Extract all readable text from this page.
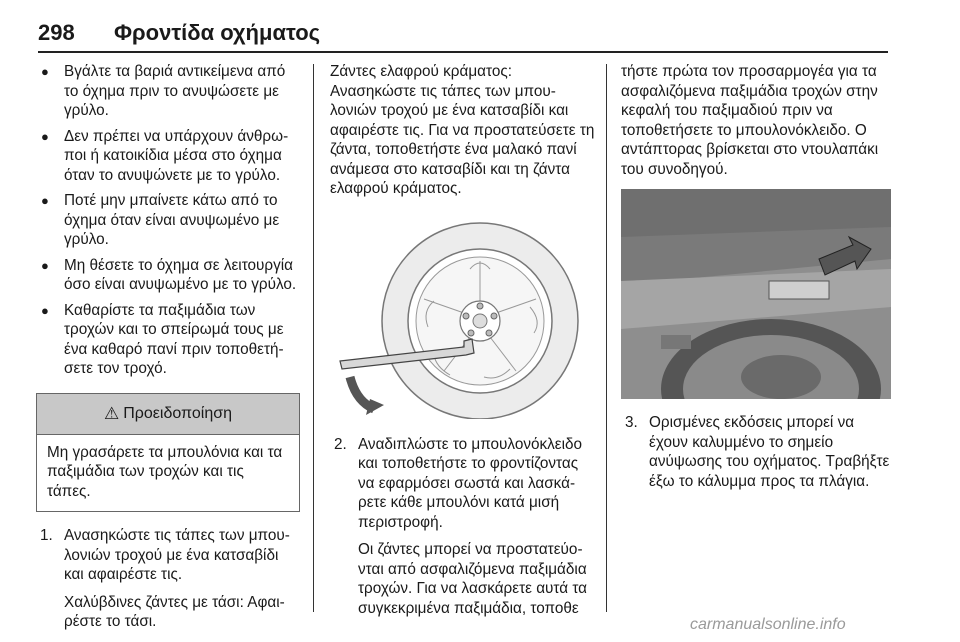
298 Φροντίδα οχήματος
● Βγάλτε τα βαριά αντικείμενα από το όχημα πριν το ανυψώσετε με γρύλο.
● Δεν πρέπει να υπάρχουν άνθρωποι ή κατοικίδια μέσα στο όχημα όταν το ανυψώνετε με το γρύλο.
● Ποτέ μην μπαίνετε κάτω από το όχημα όταν είναι ανυψωμένο με γρύλο.
● Μη θέσετε το όχημα σε λειτουργία όσο είναι ανυψωμένο με το γρύλο.
● Καθαρίστε τα παξιμάδια των τροχών και το σπείρωμά τους με ένα καθαρό πανί πριν τοποθετήσετε τον τροχό.
⚠ Προειδοποίηση
Μη γρασάρετε τα μπουλόνια και τα παξιμάδια των τροχών και τις τάπες.
1. Ανασηκώστε τις τάπες των μπουλονιών τροχού με ένα κατσαβίδι και αφαιρέστε τις.

Χαλύβδινες ζάντες με τάσι: Αφαιρέστε το τάσι.

Ζάντες ελαφρού κράματος: Ανασηκώστε τις τάπες των μπουλονιών τροχού με ένα κατσαβίδι και αφαιρέστε τις. Για να προστατεύσετε τη ζάντα, τοποθετήστε ένα μαλακό πανί ανάμεσα στο κατσαβίδι και τη ζάντα ελαφρού κράματος.

2. Αναδιπλώστε το μπουλονόκλειδο και τοποθετήστε το φροντίζοντας να εφαρμόσει σωστά και λασκάρετε κάθε μπουλόνι κατά μισή περιστροφή.

Οι ζάντες μπορεί να προστατεύονται από ασφαλιζόμενα παξιμάδια τροχών. Για να λασκάρετε αυτά τα συγκεκριμένα παξιμάδια, τοποθε

τήστε πρώτα τον προσαρμογέα για τα ασφαλιζόμενα παξιμάδια τροχών στην κεφαλή του παξιμαδιού πριν να τοποθετήσετε το μπουλονόκλειδο. Ο αντάπτορας βρίσκεται στο ντουλαπάκι του συνοδηγού.

3. Ορισμένες εκδόσεις μπορεί να έχουν καλυμμένο το σημείο ανύψωσης του οχήματος. Τραβήξτε έξω το κάλυμμα προς τα πλάγια.

carmanualsonline.info
